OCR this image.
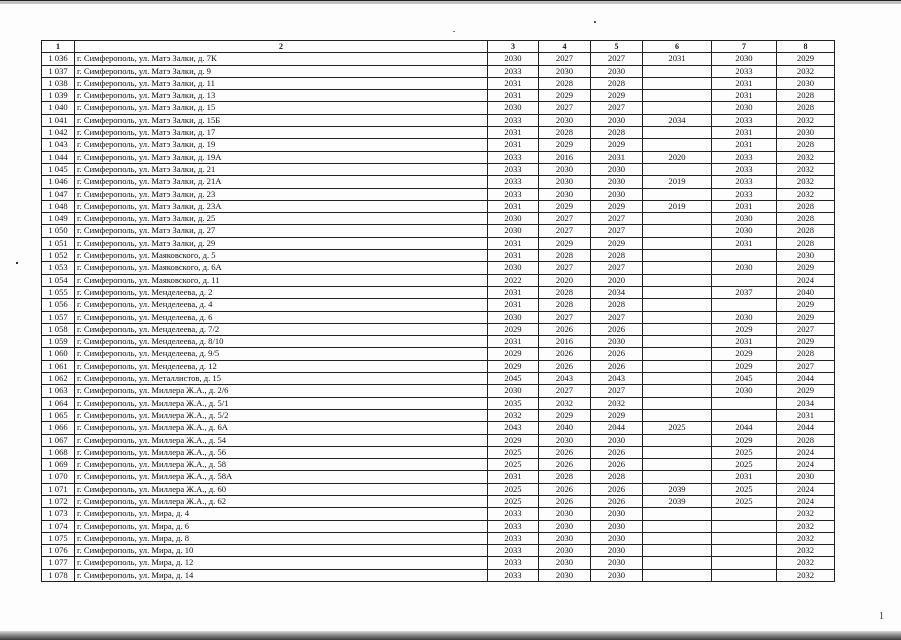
1	2	3	4	5	6	7	8
1 036	г. Симферополь, ул. Матэ Залки, д. 7К	2030	2027	2027	2031	2030	2029
1 037	г. Симферополь, ул. Матэ Залки, д. 9	2033	2030	2030		2033	2032
1 038	г. Симферополь, ул. Матэ Залки, д. 11	2031	2028	2028		2031	2030
1 039	г. Симферополь, ул. Матэ Залки, д. 13	2031	2029	2029		2031	2028
1 040	г. Симферополь, ул. Матэ Залки, д. 15	2030	2027	2027		2030	2028
1 041	г. Симферополь, ул. Матэ Залки, д. 15Б	2033	2030	2030	2034	2033	2032
1 042	г. Симферополь, ул. Матэ Залки, д. 17	2031	2028	2028		2031	2030
1 043	г. Симферополь, ул. Матэ Залки, д. 19	2031	2029	2029		2031	2028
1 044	г. Симферополь, ул. Матэ Залки, д. 19А	2033	2016	2031	2020	2033	2032
1 045	г. Симферополь, ул. Матэ Залки, д. 21	2033	2030	2030		2033	2032
1 046	г. Симферополь, ул. Матэ Залки, д. 21А	2033	2030	2030	2019	2033	2032
1 047	г. Симферополь, ул. Матэ Залки, д. 23	2033	2030	2030		2033	2032
1 048	г. Симферополь, ул. Матэ Залки, д. 23А	2031	2029	2029	2019	2031	2028
1 049	г. Симферополь, ул. Матэ Залки, д. 25	2030	2027	2027		2030	2028
1 050	г. Симферополь, ул. Матэ Залки, д. 27	2030	2027	2027		2030	2028
1 051	г. Симферополь, ул. Матэ Залки, д. 29	2031	2029	2029		2031	2028
1 052	г. Симферополь, ул. Маяковского, д. 5	2031	2028	2028			2030
1 053	г. Симферополь, ул. Маяковского, д. 6А	2030	2027	2027		2030	2029
1 054	г. Симферополь, ул. Маяковского, д. 11	2022	2020	2020			2024
1 055	г. Симферополь, ул. Менделеева, д. 2	2031	2028	2034		2037	2040
1 056	г. Симферополь, ул. Менделеева, д. 4	2031	2028	2028			2029
1 057	г. Симферополь, ул. Менделеева, д. 6	2030	2027	2027		2030	2029
1 058	г. Симферополь, ул. Менделеева, д. 7/2	2029	2026	2026		2029	2027
1 059	г. Симферополь, ул. Менделеева, д. 8/10	2031	2016	2030		2031	2029
1 060	г. Симферополь, ул. Менделеева, д. 9/5	2029	2026	2026		2029	2028
1 061	г. Симферополь, ул. Менделеева, д. 12	2029	2026	2026		2029	2027
1 062	г. Симферополь, ул. Металлистов, д. 15	2045	2043	2043		2045	2044
1 063	г. Симферополь, ул. Миллера Ж.А., д. 2/6	2030	2027	2027		2030	2029
1 064	г. Симферополь, ул. Миллера Ж.А., д. 5/1	2035	2032	2032			2034
1 065	г. Симферополь, ул. Миллера Ж.А., д. 5/2	2032	2029	2029			2031
1 066	г. Симферополь, ул. Миллера Ж.А., д. 6А	2043	2040	2044	2025	2044	2044
1 067	г. Симферополь, ул. Миллера Ж.А., д. 54	2029	2030	2030		2029	2028
1 068	г. Симферополь, ул. Миллера Ж.А., д. 56	2025	2026	2026		2025	2024
1 069	г. Симферополь, ул. Миллера Ж.А., д. 58	2025	2026	2026		2025	2024
1 070	г. Симферополь, ул. Миллера Ж.А., д. 58А	2031	2028	2028		2031	2030
1 071	г. Симферополь, ул. Миллера Ж.А., д. 60	2025	2026	2026	2039	2025	2024
1 072	г. Симферополь, ул. Миллера Ж.А., д. 62	2025	2026	2026	2039	2025	2024
1 073	г. Симферополь, ул. Мира, д. 4	2033	2030	2030			2032
1 074	г. Симферополь, ул. Мира, д. 6	2033	2030	2030			2032
1 075	г. Симферополь, ул. Мира, д. 8	2033	2030	2030			2032
1 076	г. Симферополь, ул. Мира, д. 10	2033	2030	2030			2032
1 077	г. Симферополь, ул. Мира, д. 12	2033	2030	2030			2032
1 078	г. Симферополь, ул. Мира, д. 14	2033	2030	2030			2032
1
